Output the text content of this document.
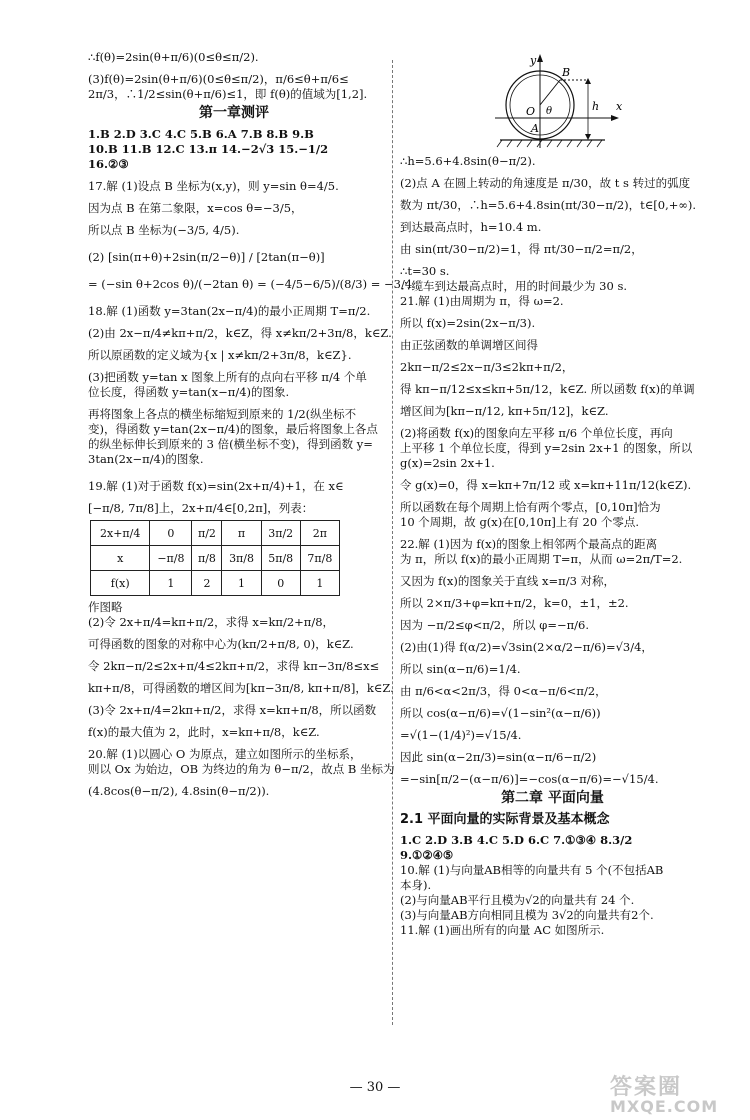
∴f(θ)=2sin(θ+π/6)(0≤θ≤π/2).
(3)f(θ)=2sin(θ+π/6)(0≤θ≤π/2)，π/6≤θ+π/6≤
2π/3，∴1/2≤sin(θ+π/6)≤1，即 f(θ)的值域为[1,2].
第一章测评
1.B 2.D 3.C 4.C 5.B 6.A 7.B 8.B 9.B
10.B 11.B 12.C 13.π 14.−2√3 15.−1/2
16.②③
17.解 (1)设点 B 坐标为(x,y)，则 y=sin θ=4/5.
因为点 B 在第二象限，x=cos θ=−3/5，
所以点 B 坐标为(−3/5, 4/5).
(2) [sin(π+θ)+2sin(π/2−θ)] / [2tan(π−θ)]
= (−sin θ+2cos θ)/(−2tan θ) = (−4/5−6/5)/(8/3) = −3/4.
18.解 (1)函数 y=3tan(2x−π/4)的最小正周期 T=π/2.
(2)由 2x−π/4≠kπ+π/2，k∈Z，得 x≠kπ/2+3π/8，k∈Z.
所以原函数的定义域为{x | x≠kπ/2+3π/8，k∈Z}.
(3)把函数 y=tan x 图象上所有的点向右平移 π/4 个单
位长度，得函数 y=tan(x−π/4)的图象.
再将图象上各点的横坐标缩短到原来的 1/2(纵坐标不
变)，得函数 y=tan(2x−π/4)的图象，最后将图象上各点
的纵坐标伸长到原来的 3 倍(横坐标不变)，得到函数 y=
3tan(2x−π/4)的图象.
19.解 (1)对于函数 f(x)=sin(2x+π/4)+1，在 x∈
[−π/8, 7π/8]上，2x+π/4∈[0,2π]，列表：
2x+π/4	0	π/2	π	3π/2	2π
x	−π/8	π/8	3π/8	5π/8	7π/8
f(x)	1	2	1	0	1
作图略
(2)令 2x+π/4=kπ+π/2，求得 x=kπ/2+π/8，
可得函数的图象的对称中心为(kπ/2+π/8, 0)，k∈Z.
令 2kπ−π/2≤2x+π/4≤2kπ+π/2，求得 kπ−3π/8≤x≤
kπ+π/8，可得函数的增区间为[kπ−3π/8, kπ+π/8]，k∈Z.
(3)令 2x+π/4=2kπ+π/2，求得 x=kπ+π/8，所以函数
f(x)的最大值为 2，此时，x=kπ+π/8，k∈Z.
20.解 (1)以圆心 O 为原点，建立如图所示的坐标系，
则以 Ox 为始边，OB 为终边的角为 θ−π/2，故点 B 坐标为
(4.8cos(θ−π/2), 4.8sin(θ−π/2)).
y
B
O θ
A
h x
∴h=5.6+4.8sin(θ−π/2).
(2)点 A 在圆上转动的角速度是 π/30，故 t s 转过的弧度
数为 πt/30，∴h=5.6+4.8sin(πt/30−π/2)，t∈[0,+∞).
到达最高点时，h=10.4 m.
由 sin(πt/30−π/2)=1，得 πt/30−π/2=π/2，
∴t=30 s.
∴缆车到达最高点时，用的时间最少为 30 s.
21.解 (1)由周期为 π，得 ω=2.
所以 f(x)=2sin(2x−π/3).
由正弦函数的单调增区间得
2kπ−π/2≤2x−π/3≤2kπ+π/2，
得 kπ−π/12≤x≤kπ+5π/12，k∈Z. 所以函数 f(x)的单调
增区间为[kπ−π/12, kπ+5π/12]，k∈Z.
(2)将函数 f(x)的图象向左平移 π/6 个单位长度，再向
上平移 1 个单位长度，得到 y=2sin 2x+1 的图象，所以
g(x)=2sin 2x+1.
令 g(x)=0，得 x=kπ+7π/12 或 x=kπ+11π/12(k∈Z).
所以函数在每个周期上恰有两个零点，[0,10π]恰为
10 个周期，故 g(x)在[0,10π]上有 20 个零点.
22.解 (1)因为 f(x)的图象上相邻两个最高点的距离
为 π，所以 f(x)的最小正周期 T=π，从而 ω=2π/T=2.
又因为 f(x)的图象关于直线 x=π/3 对称，
所以 2×π/3+φ=kπ+π/2，k=0，±1，±2.
因为 −π/2≤φ<π/2，所以 φ=−π/6.
(2)由(1)得 f(α/2)=√3sin(2×α/2−π/6)=√3/4，
所以 sin(α−π/6)=1/4.
由 π/6<α<2π/3，得 0<α−π/6<π/2，
所以 cos(α−π/6)=√(1−sin²(α−π/6))
=√(1−(1/4)²)=√15/4.
因此 sin(α−2π/3)=sin(α−π/6−π/2)
=−sin[π/2−(α−π/6)]=−cos(α−π/6)=−√15/4.
第二章 平面向量
2.1 平面向量的实际背景及基本概念
1.C 2.D 3.B 4.C 5.D 6.C 7.①③④ 8.3/2
9.①②④⑤
10.解 (1)与向量AB相等的向量共有 5 个(不包括AB
本身).
(2)与向量AB平行且模为√2的向量共有 24 个.
(3)与向量AB方向相同且模为 3√2的向量共有2个.
11.解 (1)画出所有的向量 AC 如图所示.
— 30 —	答案圈
MXQE.COM
